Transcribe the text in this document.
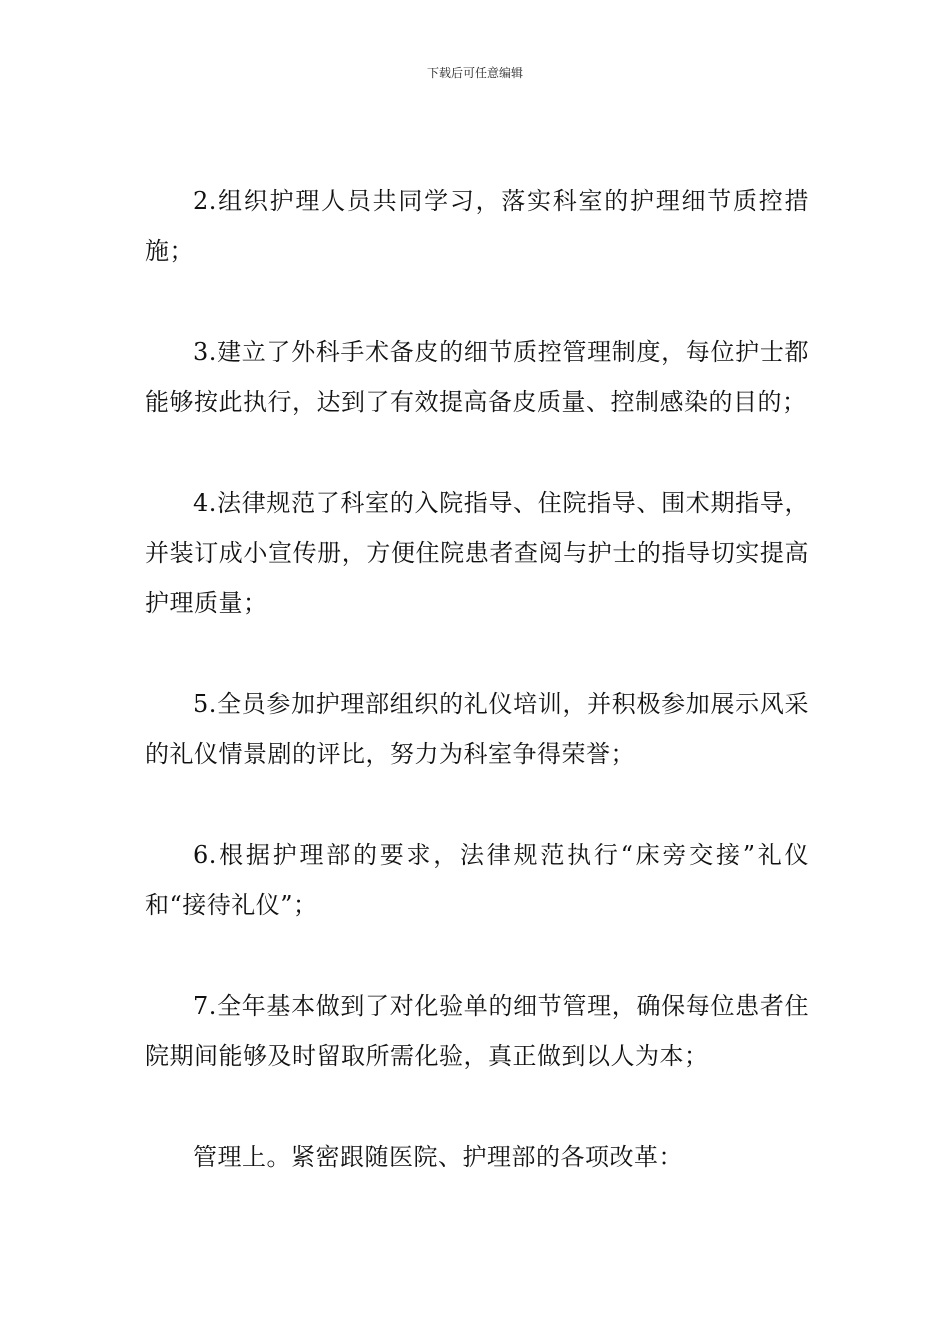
下载后可任意编辑

2.组织护理人员共同学习，落实科室的护理细节质控措施；

3.建立了外科手术备皮的细节质控管理制度，每位护士都能够按此执行，达到了有效提高备皮质量、控制感染的目的；

4.法律规范了科室的入院指导、住院指导、围术期指导，并装订成小宣传册，方便住院患者查阅与护士的指导切实提高护理质量；

5.全员参加护理部组织的礼仪培训，并积极参加展示风采的礼仪情景剧的评比，努力为科室争得荣誉；

6.根据护理部的要求，法律规范执行“床旁交接”礼仪和“接待礼仪”；

7.全年基本做到了对化验单的细节管理，确保每位患者住院期间能够及时留取所需化验，真正做到以人为本；

管理上。紧密跟随医院、护理部的各项改革：
